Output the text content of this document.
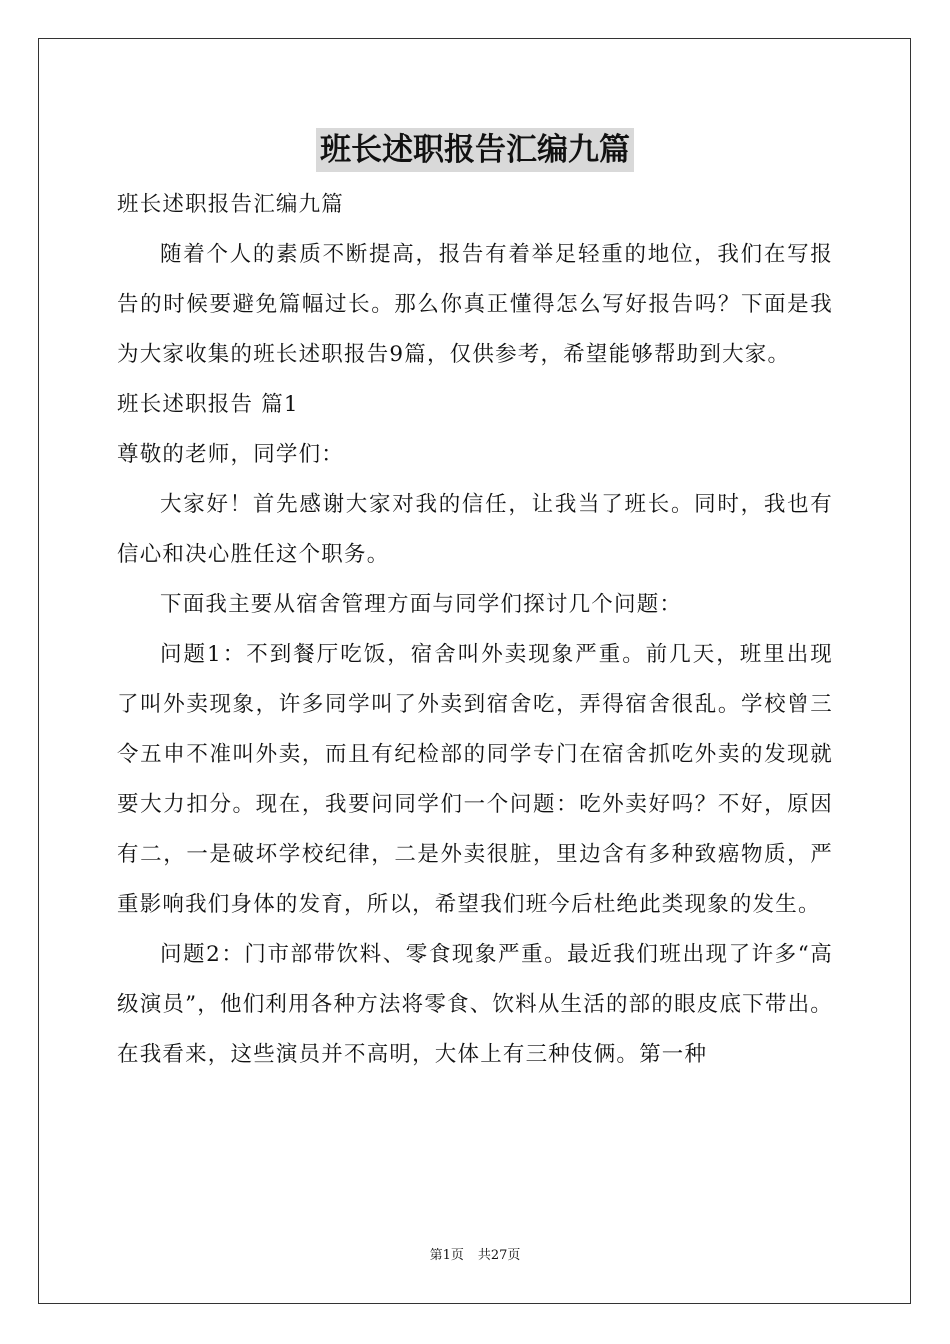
班长述职报告汇编九篇

班长述职报告汇编九篇

随着个人的素质不断提高，报告有着举足轻重的地位，我们在写报告的时候要避免篇幅过长。那么你真正懂得怎么写好报告吗？下面是我为大家收集的班长述职报告9篇，仅供参考，希望能够帮助到大家。

班长述职报告 篇1

尊敬的老师，同学们：

大家好！首先感谢大家对我的信任，让我当了班长。同时，我也有信心和决心胜任这个职务。

下面我主要从宿舍管理方面与同学们探讨几个问题：

问题1：不到餐厅吃饭，宿舍叫外卖现象严重。前几天，班里出现了叫外卖现象，许多同学叫了外卖到宿舍吃，弄得宿舍很乱。学校曾三令五申不准叫外卖，而且有纪检部的同学专门在宿舍抓吃外卖的发现就要大力扣分。现在，我要问同学们一个问题：吃外卖好吗？不好，原因有二，一是破坏学校纪律，二是外卖很脏，里边含有多种致癌物质，严重影响我们身体的发育，所以，希望我们班今后杜绝此类现象的发生。

问题2：门市部带饮料、零食现象严重。最近我们班出现了许多“高级演员”，他们利用各种方法将零食、饮料从生活的部的眼皮底下带出。在我看来，这些演员并不高明，大体上有三种伎俩。第一种

第1页 共27页
